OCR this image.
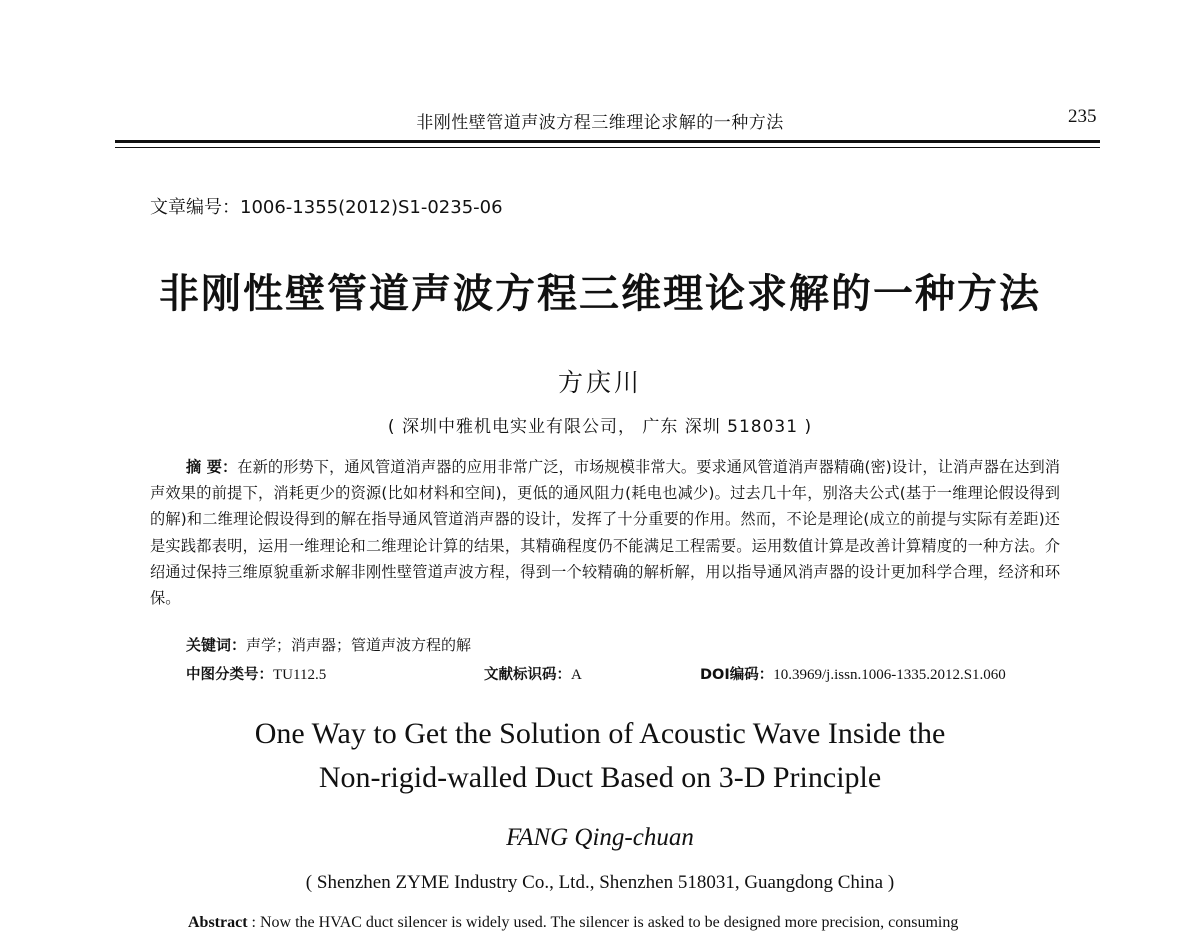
非刚性壁管道声波方程三维理论求解的一种方法	235
文章编号：1006-1355(2012)S1-0235-06
非刚性壁管道声波方程三维理论求解的一种方法
方庆川
( 深圳中雅机电实业有限公司， 广东 深圳 518031 )
摘 要：在新的形势下，通风管道消声器的应用非常广泛，市场规模非常大。要求通风管道消声器精确(密)设计，让消声器在达到消声效果的前提下，消耗更少的资源(比如材料和空间)，更低的通风阻力(耗电也减少)。过去几十年，别洛夫公式(基于一维理论假设得到的解)和二维理论假设得到的解在指导通风管道消声器的设计，发挥了十分重要的作用。然而，不论是理论(成立的前提与实际有差距)还是实践都表明，运用一维理论和二维理论计算的结果，其精确程度仍不能满足工程需要。运用数值计算是改善计算精度的一种方法。介绍通过保持三维原貌重新求解非刚性壁管道声波方程，得到一个较精确的解析解，用以指导通风消声器的设计更加科学合理，经济和环保。
关键词：声学；消声器；管道声波方程的解
中图分类号：TU112.5	文献标识码：A	DOI编码：10.3969/j.issn.1006-1335.2012.S1.060
One Way to Get the Solution of Acoustic Wave Inside the
Non-rigid-walled Duct Based on 3-D Principle
FANG Qing-chuan
( Shenzhen ZYME Industry Co., Ltd., Shenzhen 518031, Guangdong China )
Abstract : Now the HVAC duct silencer is widely used. The silencer is asked to be designed more precision, consuming
